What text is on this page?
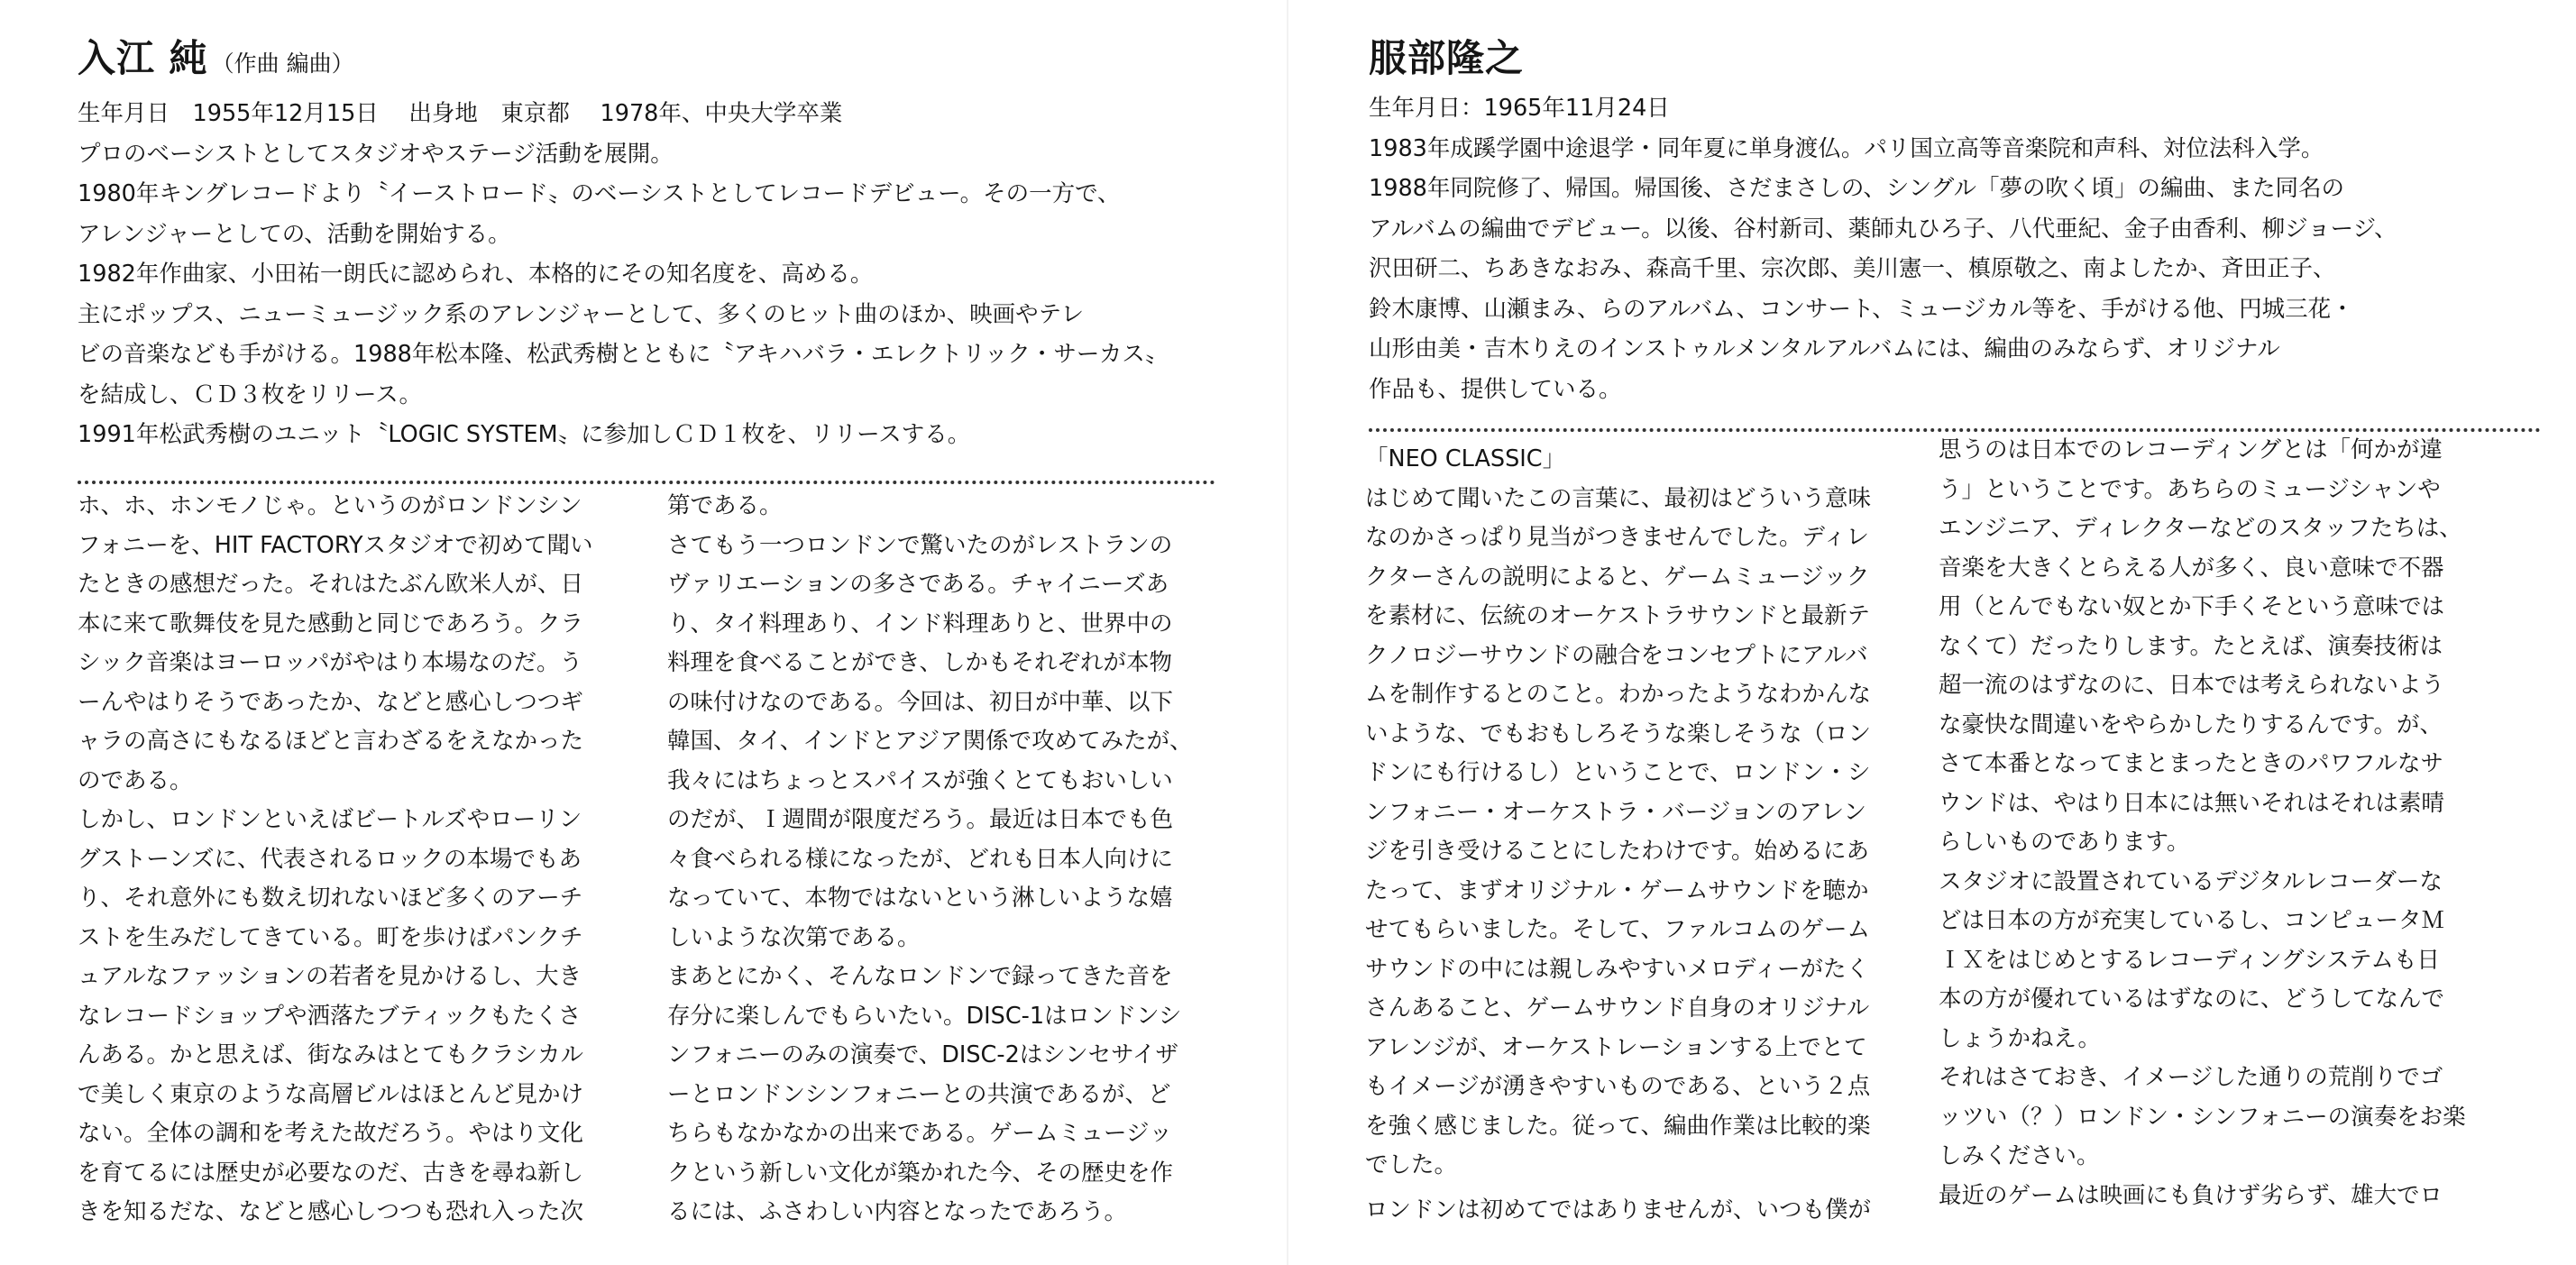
入江 純 （作曲 編曲）
生年月日　1955年12月15日　 出身地　東京都　 1978年、中央大学卒業
プロのベーシストとしてスタジオやステージ活動を展開。
1980年キングレコードより〝イーストロード〟のベーシストとしてレコードデビュー。その一方で、
アレンジャーとしての、活動を開始する。
1982年作曲家、小田祐一朗氏に認められ、本格的にその知名度を、高める。
主にポップス、ニューミュージック系のアレンジャーとして、多くのヒット曲のほか、映画やテレ
ビの音楽なども手がける。1988年松本隆、松武秀樹とともに〝アキハバラ・エレクトリック・サーカス〟
を結成し、ＣＤ３枚をリリース。
1991年松武秀樹のユニット〝LOGIC SYSTEM〟に参加しＣＤ１枚を、リリースする。
ホ、ホ、ホンモノじゃ。というのがロンドンシン
フォニーを、HIT FACTORYスタジオで初めて聞い
たときの感想だった。それはたぶん欧米人が、日
本に来て歌舞伎を見た感動と同じであろう。クラ
シック音楽はヨーロッパがやはり本場なのだ。う
ーんやはりそうであったか、などと感心しつつギ
ャラの高さにもなるほどと言わざるをえなかった
のである。
しかし、ロンドンといえばビートルズやローリン
グストーンズに、代表されるロックの本場でもあ
り、それ意外にも数え切れないほど多くのアーチ
ストを生みだしてきている。町を歩けばパンクチ
ュアルなファッションの若者を見かけるし、大き
なレコードショップや洒落たブティックもたくさ
んある。かと思えば、街なみはとてもクラシカル
で美しく東京のような高層ビルはほとんど見かけ
ない。全体の調和を考えた故だろう。やはり文化
を育てるには歴史が必要なのだ、古きを尋ね新し
きを知るだな、などと感心しつつも恐れ入った次
第である。
さてもう一つロンドンで驚いたのがレストランの
ヴァリエーションの多さである。チャイニーズあ
り、タイ料理あり、インド料理ありと、世界中の
料理を食べることができ、しかもそれぞれが本物
の味付けなのである。今回は、初日が中華、以下
韓国、タイ、インドとアジア関係で攻めてみたが、
我々にはちょっとスパイスが強くとてもおいしい
のだが、Ｉ週間が限度だろう。最近は日本でも色
々食べられる様になったが、どれも日本人向けに
なっていて、本物ではないという淋しいような嬉
しいような次第である。
まあとにかく、そんなロンドンで録ってきた音を
存分に楽しんでもらいたい。DISC-1はロンドンシ
ンフォニーのみの演奏で、DISC-2はシンセサイザ
ーとロンドンシンフォニーとの共演であるが、ど
ちらもなかなかの出来である。ゲームミュージッ
クという新しい文化が築かれた今、その歴史を作
るには、ふさわしい内容となったであろう。
服部隆之
生年月日：1965年11月24日
1983年成蹊学園中途退学・同年夏に単身渡仏。パリ国立高等音楽院和声科、対位法科入学。
1988年同院修了、帰国。帰国後、さだまさしの、シングル「夢の吹く頃」の編曲、また同名の
アルバムの編曲でデビュー。以後、谷村新司、薬師丸ひろ子、八代亜紀、金子由香利、柳ジョージ、
沢田研二、ちあきなおみ、森高千里、宗次郎、美川憲一、槙原敬之、南よしたか、斉田正子、
鈴木康博、山瀬まみ、らのアルバム、コンサート、ミュージカル等を、手がける他、円城三花・
山形由美・吉木りえのインストゥルメンタルアルバムには、編曲のみならず、オリジナル
作品も、提供している。
「NEO CLASSIC」
はじめて聞いたこの言葉に、最初はどういう意味
なのかさっぱり見当がつきませんでした。ディレ
クターさんの説明によると、ゲームミュージック
を素材に、伝統のオーケストラサウンドと最新テ
クノロジーサウンドの融合をコンセプトにアルバ
ムを制作するとのこと。わかったようなわかんな
いような、でもおもしろそうな楽しそうな（ロン
ドンにも行けるし）ということで、ロンドン・シ
ンフォニー・オーケストラ・バージョンのアレン
ジを引き受けることにしたわけです。始めるにあ
たって、まずオリジナル・ゲームサウンドを聴か
せてもらいました。そして、ファルコムのゲーム
サウンドの中には親しみやすいメロディーがたく
さんあること、ゲームサウンド自身のオリジナル
アレンジが、オーケストレーションする上でとて
もイメージが湧きやすいものである、という２点
を強く感じました。従って、編曲作業は比較的楽
でした。
ロンドンは初めてではありませんが、いつも僕が
思うのは日本でのレコーディングとは「何かが違
う」ということです。あちらのミュージシャンや
エンジニア、ディレクターなどのスタッフたちは、
音楽を大きくとらえる人が多く、良い意味で不器
用（とんでもない奴とか下手くそという意味では
なくて）だったりします。たとえば、演奏技術は
超一流のはずなのに、日本では考えられないよう
な豪快な間違いをやらかしたりするんです。が、
さて本番となってまとまったときのパワフルなサ
ウンドは、やはり日本には無いそれはそれは素晴
らしいものであります。
スタジオに設置されているデジタルレコーダーな
どは日本の方が充実しているし、コンピュータＭ
ＩＸをはじめとするレコーディングシステムも日
本の方が優れているはずなのに、どうしてなんで
しょうかねえ。
それはさておき、イメージした通りの荒削りでゴ
ッツい（？）ロンドン・シンフォニーの演奏をお楽
しみください。
最近のゲームは映画にも負けず劣らず、雄大でロ
